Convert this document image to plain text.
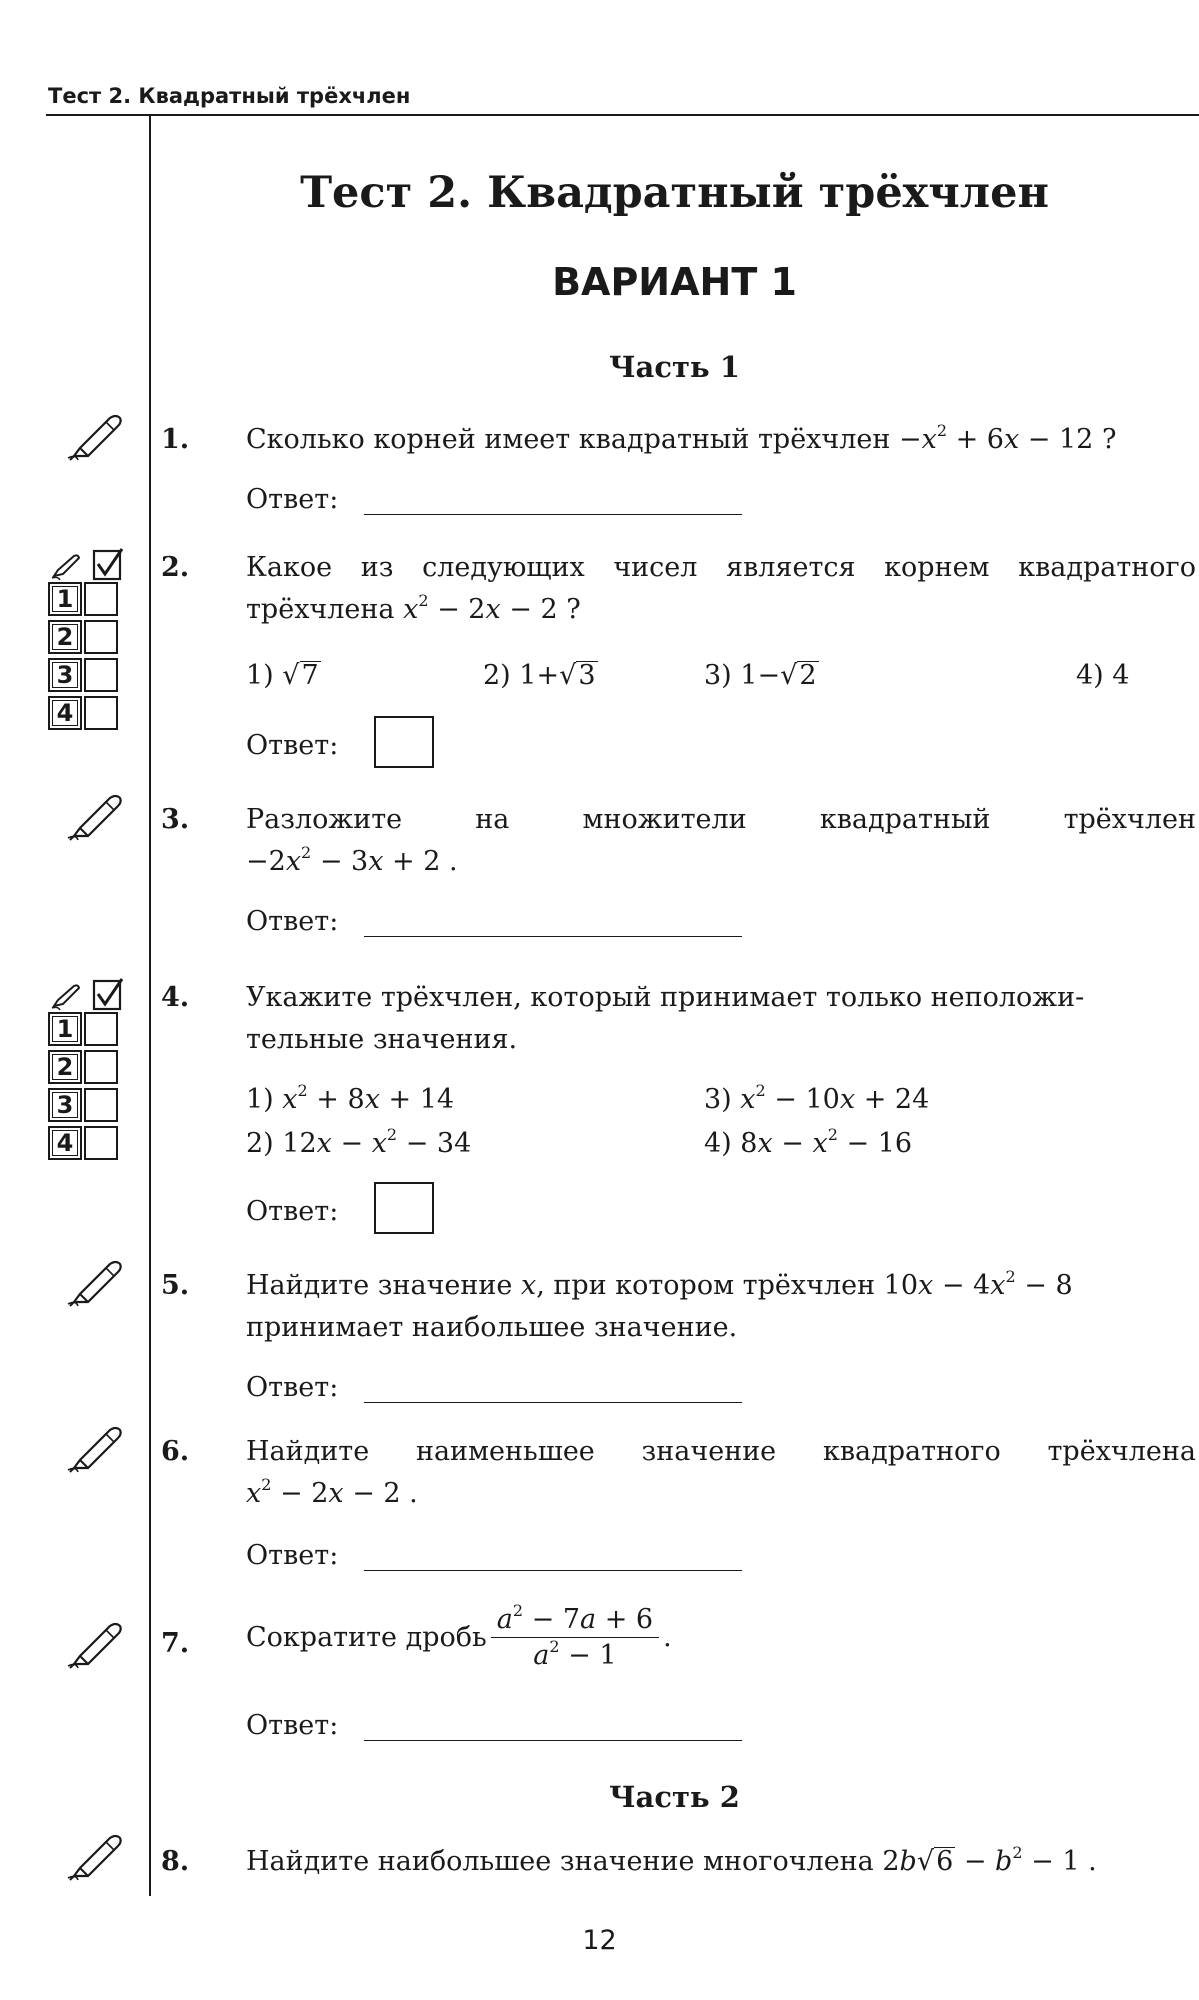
Тест 2. Квадратный трёхчлен
Тест 2. Квадратный трёхчлен
ВАРИАНТ 1
Часть 1
1. Сколько корней имеет квадратный трёхчлен $-x^2 + 6x - 12$ ?
Ответ:
1
2
3
4
2. Какое из следующих чисел является корнем квадратного
трёхчлена $x^2 - 2x - 2$ ?
1) √7	2) 1+√3	3) 1−√2	4) 4
Ответ:
3. Разложите	на	множители	квадратный	трёхчлен
$-2x^2 - 3x + 2$ .
Ответ:
1
2
3
4
4. Укажите трёхчлен, который принимает только неположи-
тельные значения.
1) $x^2 + 8x + 14$
2) $12x - x^2 - 34$
3) $x^2 - 10x + 24$
4) $8x - x^2 - 16$
Ответ:
5. Найдите значение x, при котором трёхчлен $10x - 4x^2 - 8$
принимает наибольшее значение.
Ответ:
6. Найдите наименьшее значение квадратного трёхчлена
$x^2 - 2x - 2$ .
Ответ:
7. Сократите дробь $\frac{a^2 - 7a + 6}{a^2 - 1}$ .
Ответ:
Часть 2
8. Найдите наибольшее значение многочлена $2b√6 - b^2 - 1$ .
12
